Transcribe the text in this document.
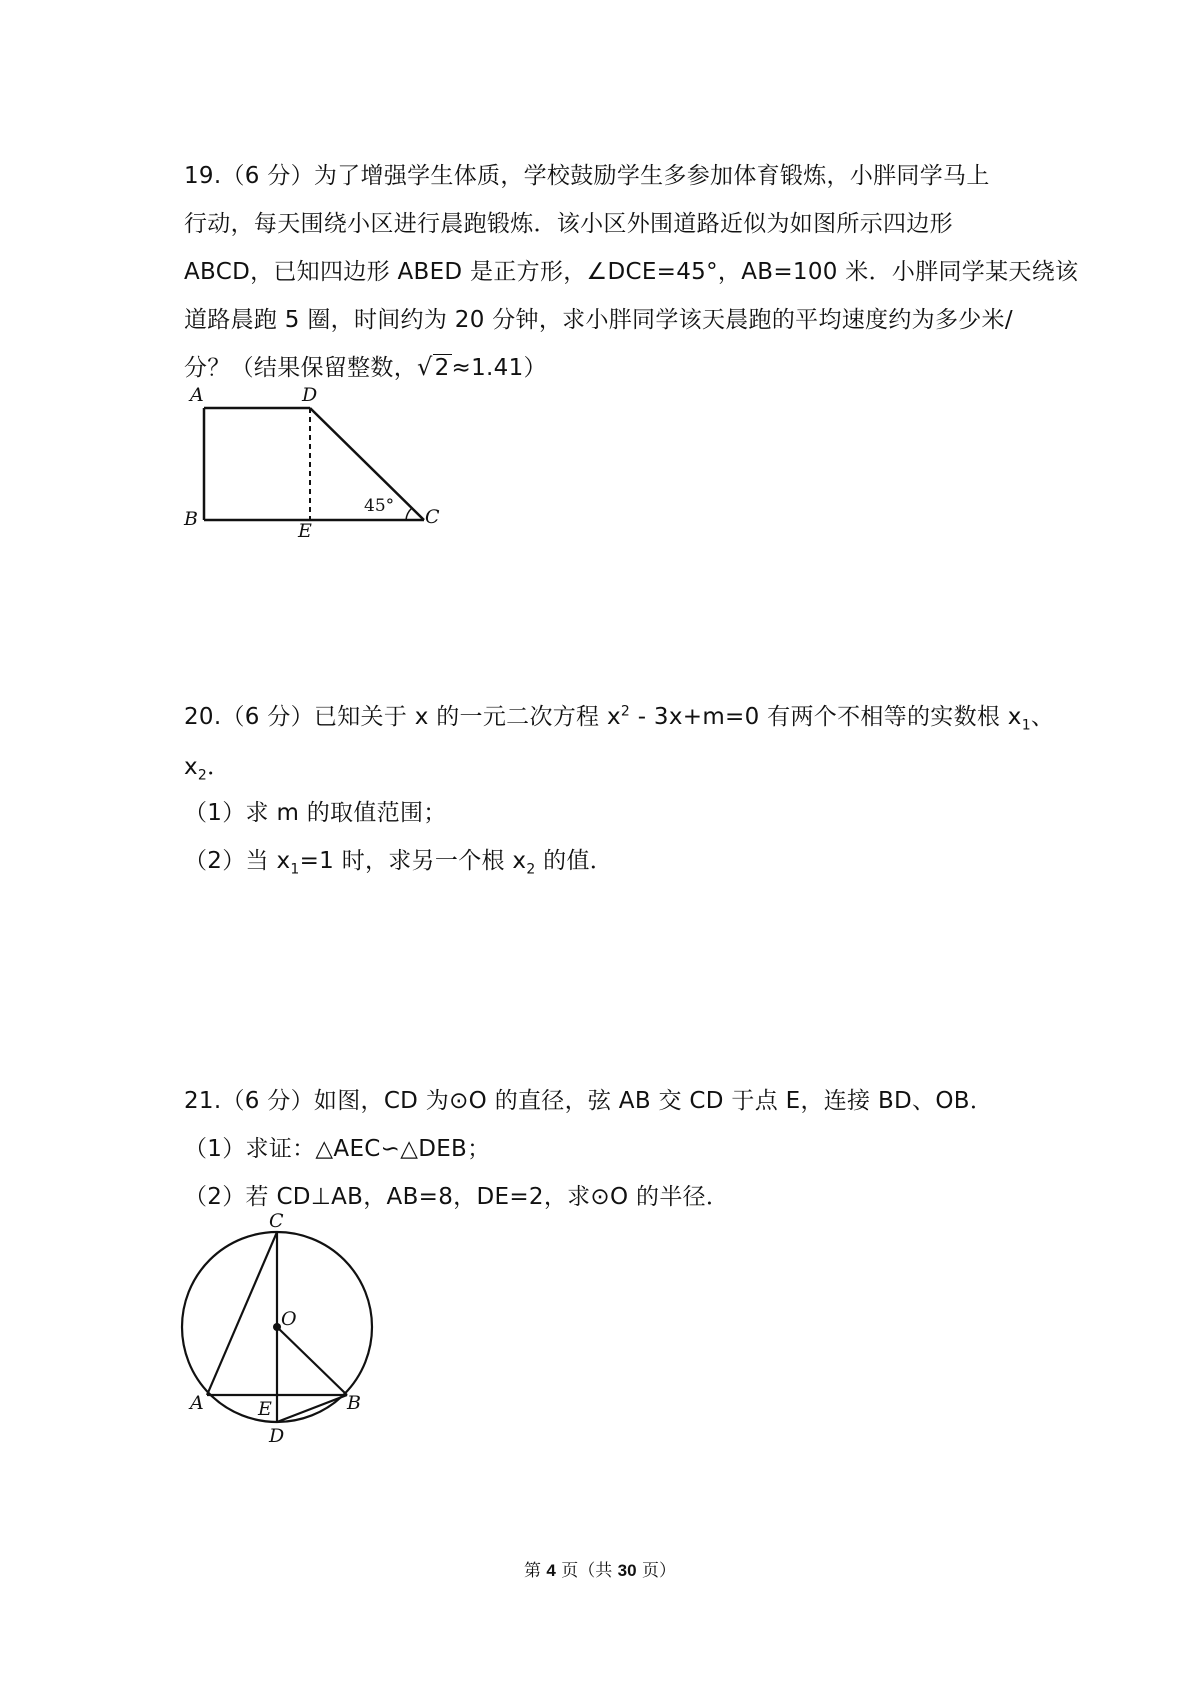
19.（6 分）为了增强学生体质，学校鼓励学生多参加体育锻炼，小胖同学马上
行动，每天围绕小区进行晨跑锻炼．该小区外围道路近似为如图所示四边形
ABCD，已知四边形 ABED 是正方形，∠DCE=45°，AB=100 米．小胖同学某天绕该
道路晨跑 5 圈，时间约为 20 分钟，求小胖同学该天晨跑的平均速度约为多少米/
分？（结果保留整数，√2≈1.41）
A	D
B
E
C
45°
20.（6 分）已知关于 x 的一元二次方程 $x^2 - 3x+m=0$ 有两个不相等的实数根 $x_1$、
$x_2$．
（1）求 m 的取值范围；
（2）当 $x_1=1$ 时，求另一个根 $x_2$ 的值．
21.（6 分）如图，CD 为⊙O 的直径，弦 AB 交 CD 于点 E，连接 BD、OB．
（1）求证：△AEC∽△DEB；
（2）若 CD⊥AB，AB=8，DE=2，求⊙O 的半径．
C
O
A	E	B
D
第 4 页（共 30 页）
